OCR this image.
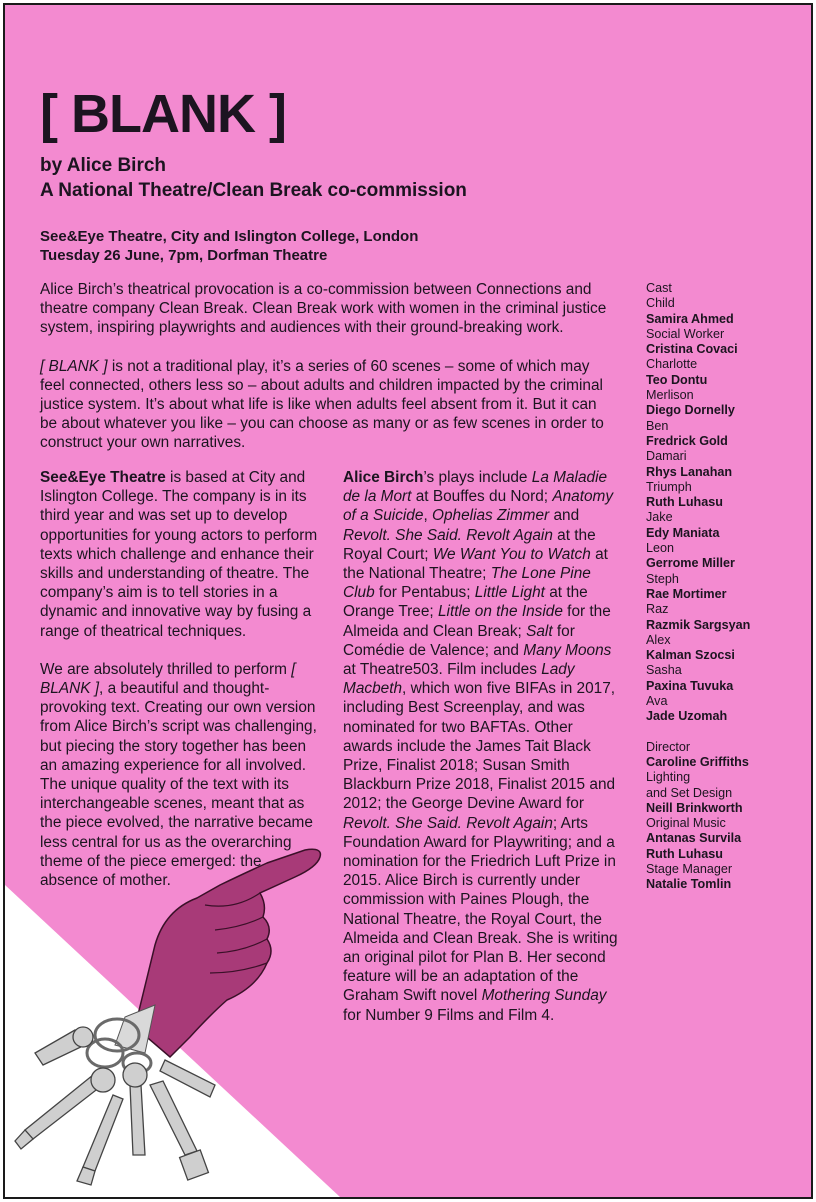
[ BLANK ]
by Alice Birch
A National Theatre/Clean Break co-commission
See&Eye Theatre, City and Islington College, London
Tuesday 26 June, 7pm, Dorfman Theatre

Alice Birch’s theatrical provocation is a co-commission between Connections and theatre company Clean Break. Clean Break work with women in the criminal justice system, inspiring playwrights and audiences with their ground-breaking work.

[ BLANK ] is not a traditional play, it’s a series of 60 scenes – some of which may feel connected, others less so – about adults and children impacted by the criminal justice system. It’s about what life is like when adults feel absent from it. But it can be about whatever you like – you can choose as many or as few scenes in order to construct your own narratives.

See&Eye Theatre is based at City and Islington College. The company is in its third year and was set up to develop opportunities for young actors to perform texts which challenge and enhance their skills and understanding of theatre. The company’s aim is to tell stories in a dynamic and innovative way by fusing a range of theatrical techniques.

We are absolutely thrilled to perform [ BLANK ], a beautiful and thought-provoking text. Creating our own version from Alice Birch’s script was challenging, but piecing the story together has been an amazing experience for all involved. The unique quality of the text with its interchangeable scenes, meant that as the piece evolved, the narrative became less central for us as the overarching theme of the piece emerged: the absence of mother.

Alice Birch’s plays include La Maladie de la Mort at Bouffes du Nord; Anatomy of a Suicide, Ophelias Zimmer and Revolt. She Said. Revolt Again at the Royal Court; We Want You to Watch at the National Theatre; The Lone Pine Club for Pentabus; Little Light at the Orange Tree; Little on the Inside for the Almeida and Clean Break; Salt for Comédie de Valence; and Many Moons at Theatre503. Film includes Lady Macbeth, which won five BIFAs in 2017, including Best Screenplay, and was nominated for two BAFTAs. Other awards include the James Tait Black Prize, Finalist 2018; Susan Smith Blackburn Prize 2018, Finalist 2015 and 2012; the George Devine Award for Revolt. She Said. Revolt Again; Arts Foundation Award for Playwriting; and a nomination for the Friedrich Luft Prize in 2015. Alice Birch is currently under commission with Paines Plough, the National Theatre, the Royal Court, the Almeida and Clean Break. She is writing an original pilot for Plan B. Her second feature will be an adaptation of the Graham Swift novel Mothering Sunday for Number 9 Films and Film 4.

Cast
Child
Samira Ahmed
Social Worker
Cristina Covaci
Charlotte
Teo Dontu
Merlison
Diego Dornelly
Ben
Fredrick Gold
Damari
Rhys Lanahan
Triumph
Ruth Luhasu
Jake
Edy Maniata
Leon
Gerrome Miller
Steph
Rae Mortimer
Raz
Razmik Sargsyan
Alex
Kalman Szocsi
Sasha
Paxina Tuvuka
Ava
Jade Uzomah
Director
Caroline Griffiths
Lighting
and Set Design
Neill Brinkworth
Original Music
Antanas Survila
Ruth Luhasu
Stage Manager
Natalie Tomlin
